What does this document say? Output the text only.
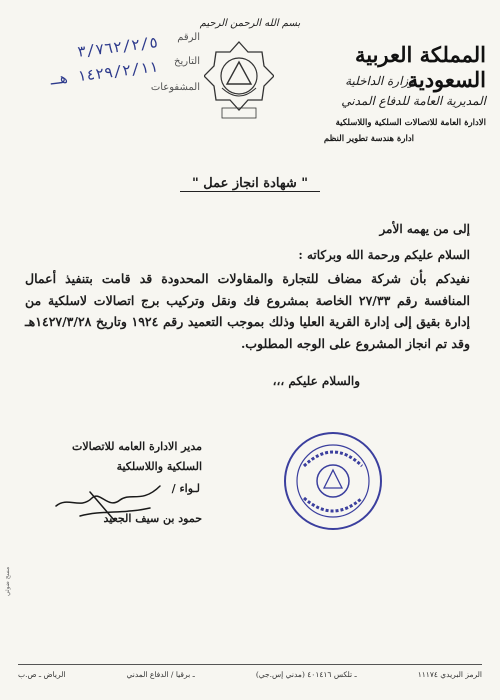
بسم الله الرحمن الرحيم
المملكة العربية السعودية
وزارة الداخلية
المديرية العامة للدفاع المدني
الادارة العامة للاتصالات السلكية واللاسلكية
ادارة هندسة تطوير النظم
الرقم
٣/٧٦٢/٢/٥
التاريخ
١٤٢٩/٢/١١ هـ
المشفوعات
" شهادة انجاز عمل "
إلى من يهمه الأمر
السلام عليكم ورحمة الله وبركاته :
نفيدكم بأن شركة مضاف للتجارة والمقاولات المحدودة قد قامت بتنفيذ أعمال المنافسة رقم ٢٧/٣٣ الخاصة بمشروع فك ونقل وتركيب برج اتصالات لاسلكية من إدارة بقيق إلى إدارة القرية العليا وذلك بموجب التعميد رقم ١٩٢٤ وتاريخ ١٤٢٧/٣/٢٨هـ وقد تم انجاز المشروع على الوجه المطلوب.
والسلام عليكم ،،،
مدير الادارة العامه للاتصالات
السلكية واللاسلكية
لـواء /
حمود بن سيف الجعيد
الرياض ـ ص.ب	ـ برقيا / الدفاع المدني	ـ تلكس ٤٠١٤١٦ (مدني إس.جي)	الرمز البريدي ١١١٧٤
مسح ضوئي
